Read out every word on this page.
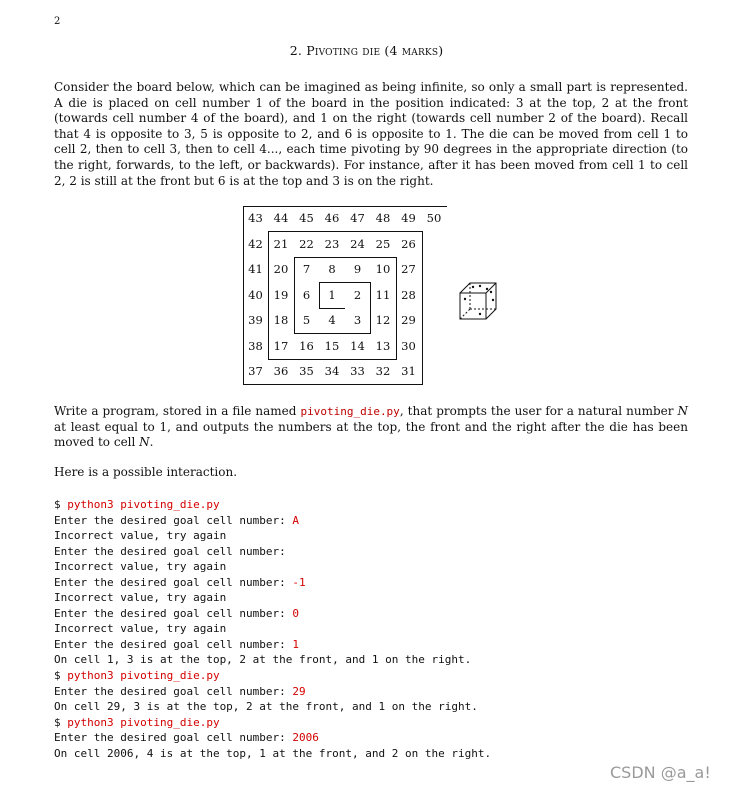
2
2. Pivoting die (4 marks)
Consider the board below, which can be imagined as being infinite, so only a small part is represented. A die is placed on cell number 1 of the board in the position indicated: 3 at the top, 2 at the front (towards cell number 4 of the board), and 1 on the right (towards cell number 2 of the board). Recall that 4 is opposite to 3, 5 is opposite to 2, and 6 is opposite to 1. The die can be moved from cell 1 to cell 2, then to cell 3, then to cell 4..., each time pivoting by 90 degrees in the appropriate direction (to the right, forwards, to the left, or backwards). For instance, after it has been moved from cell 1 to cell 2, 2 is still at the front but 6 is at the top and 3 is on the right.
43 44 45 46 47 48 49 50
42 21 22 23 24 25 26
41 20	7	8	9	10 27
40 19	6	1	2	11 28
39 18	5	4	3	12 29
38 17 16 15 14 13 30
37 36 35 34 33 32 31
Write a program, stored in a file named pivoting_die.py, that prompts the user for a natural number N at least equal to 1, and outputs the numbers at the top, the front and the right after the die has been moved to cell N.
Here is a possible interaction.
$ python3 pivoting_die.py
Enter the desired goal cell number: A
Incorrect value, try again
Enter the desired goal cell number:
Incorrect value, try again
Enter the desired goal cell number: -1
Incorrect value, try again
Enter the desired goal cell number: 0
Incorrect value, try again
Enter the desired goal cell number: 1
On cell 1, 3 is at the top, 2 at the front, and 1 on the right.
$ python3 pivoting_die.py
Enter the desired goal cell number: 29
On cell 29, 3 is at the top, 2 at the front, and 1 on the right.
$ python3 pivoting_die.py
Enter the desired goal cell number: 2006
On cell 2006, 4 is at the top, 1 at the front, and 2 on the right.
CSDN @a_a!
